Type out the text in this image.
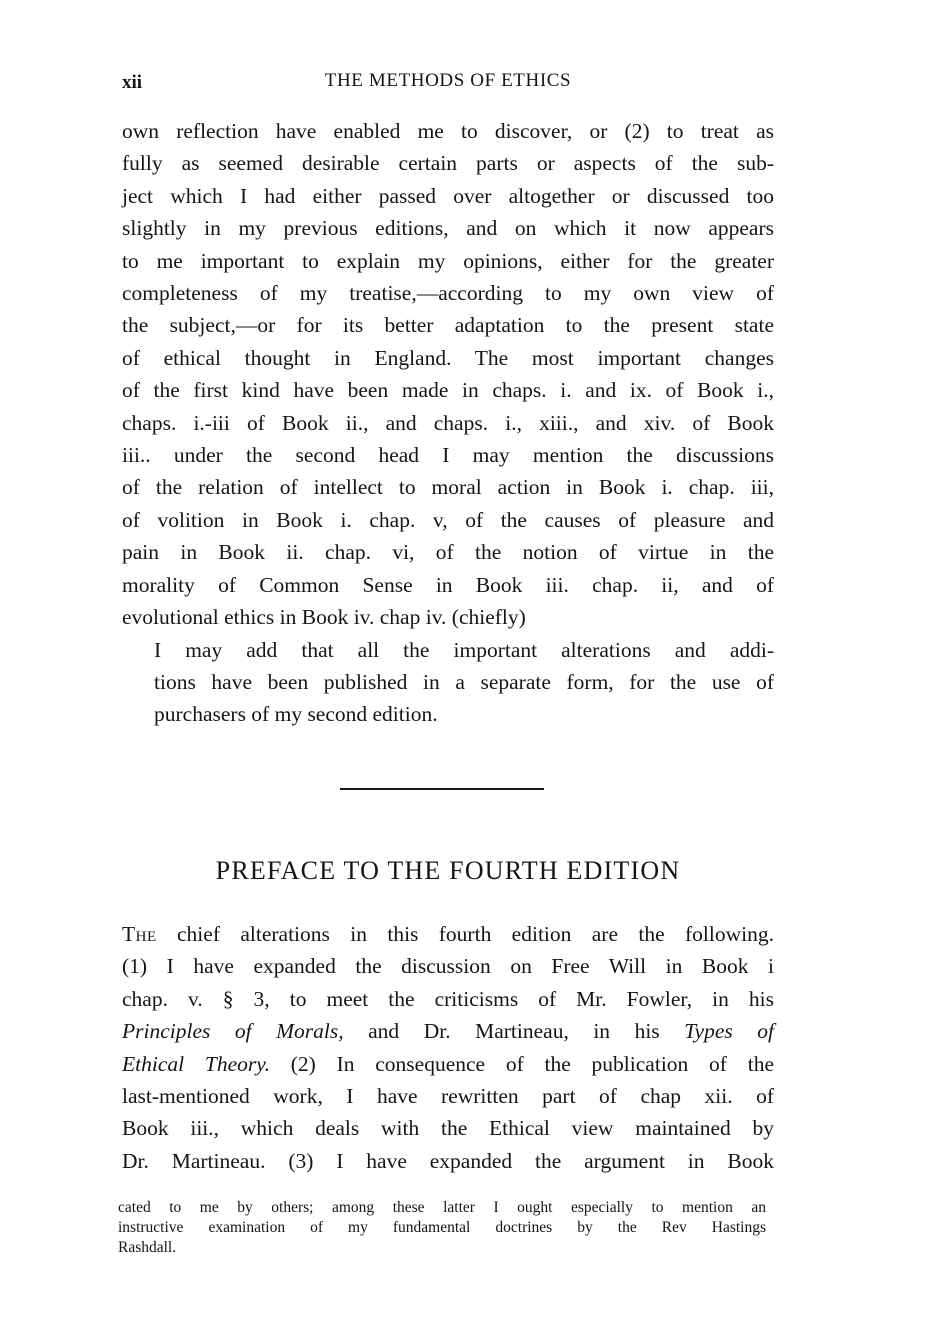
xii	THE METHODS OF ETHICS

own reflection have enabled me to discover, or (2) to treat as
fully as seemed desirable certain parts or aspects of the sub-
ject which I had either passed over altogether or discussed too
slightly in my previous editions, and on which it now appears
to me important to explain my opinions, either for the greater
completeness of my treatise,—according to my own view of
the subject,—or for its better adaptation to the present state
of ethical thought in England. The most important changes
of the first kind have been made in chaps. i. and ix. of Book i.,
chaps. i.-iii of Book ii., and chaps. i., xiii., and xiv. of Book
iii.. under the second head I may mention the discussions
of the relation of intellect to moral action in Book i. chap. iii,
of volition in Book i. chap. v, of the causes of pleasure and
pain in Book ii. chap. vi, of the notion of virtue in the
morality of Common Sense in Book iii. chap. ii, and of
evolutional ethics in Book iv. chap iv. (chiefly)

I may add that all the important alterations and addi-
tions have been published in a separate form, for the use of
purchasers of my second edition.

PREFACE TO THE FOURTH EDITION

The chief alterations in this fourth edition are the following.
(1) I have expanded the discussion on Free Will in Book i
chap. v. § 3, to meet the criticisms of Mr. Fowler, in his
Principles of Morals, and Dr. Martineau, in his Types of
Ethical Theory. (2) In consequence of the publication of the
last-mentioned work, I have rewritten part of chap xii. of
Book iii., which deals with the Ethical view maintained by
Dr. Martineau. (3) I have expanded the argument in Book

cated to me by others; among these latter I ought especially to mention an
instructive examination of my fundamental doctrines by the Rev Hastings
Rashdall.
